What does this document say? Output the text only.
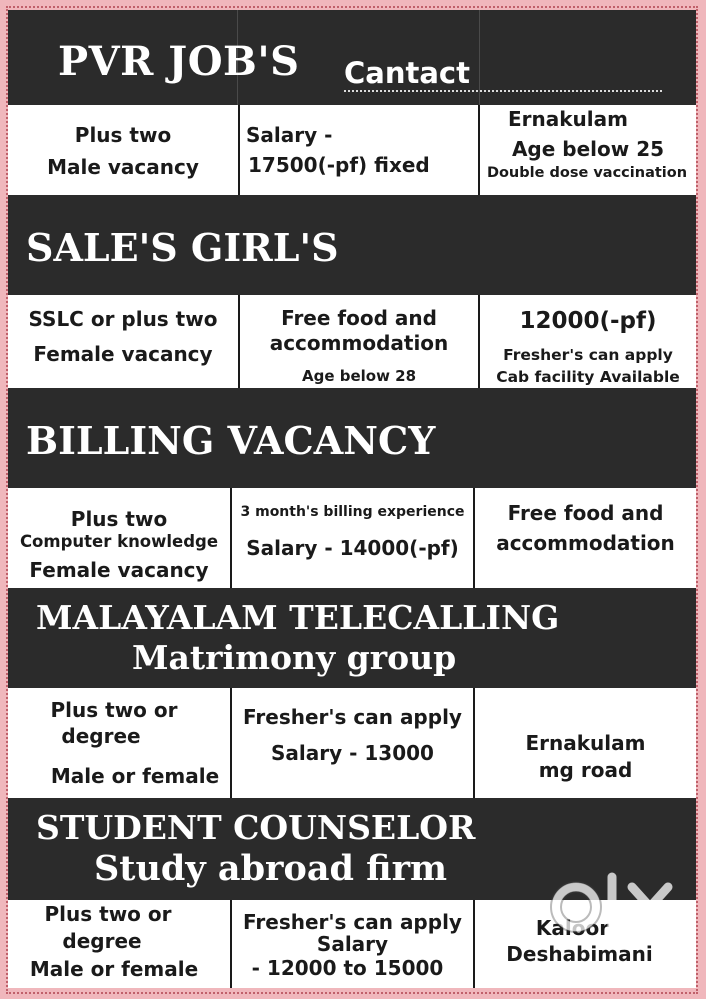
PVR JOB'S Cantact
Plus two
Male vacancy
Salary -
17500(-pf) fixed
Ernakulam
Age below 25
Double dose vaccination
SALE'S GIRL'S
SSLC or plus two
Female vacancy
Free food and
accommodation
Age below 28
12000(-pf)
Fresher's can apply
Cab facility Available
BILLING VACANCY
Plus two
Computer knowledge
Female vacancy
3 month's billing experience
Salary - 14000(-pf)
Free food and
accommodation
MALAYALAM TELECALLING
Matrimony group
Plus two or
degree
Male or female
Fresher's can apply
Salary - 13000	Ernakulam
mg road
STUDENT COUNSELOR
Study abroad firm
Plus two or
degree
Male or female
Fresher's can apply
Salary
- 12000 to 15000
Kaloor
Deshabimani
